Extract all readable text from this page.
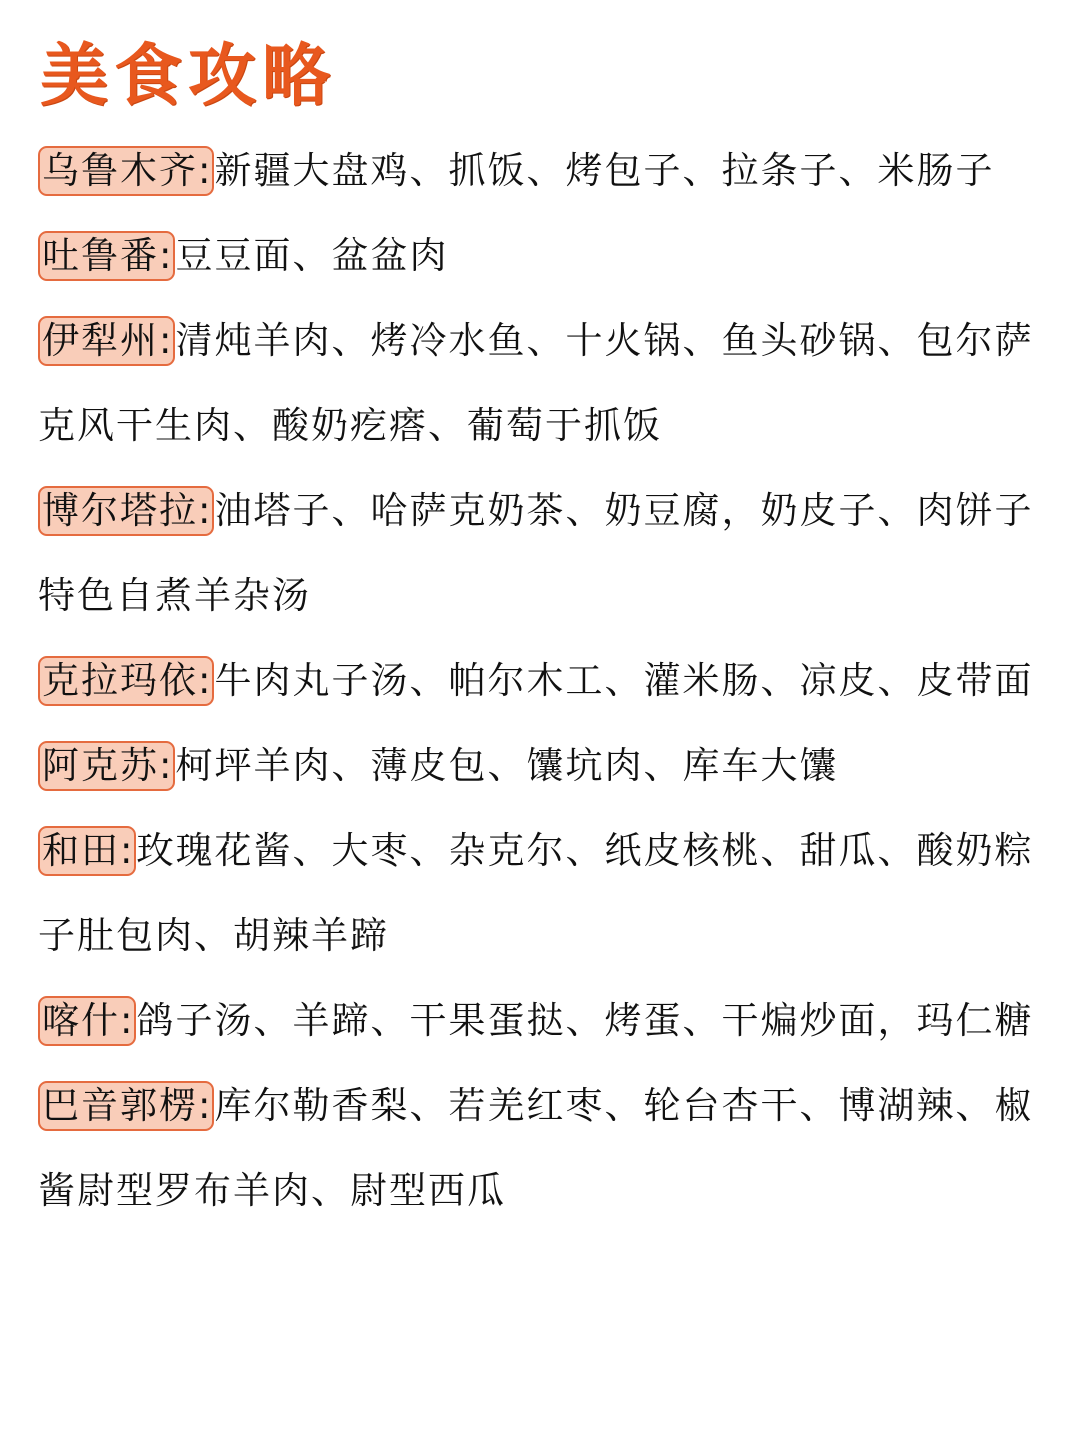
美食攻略
乌鲁木齐: 新疆大盘鸡、抓饭、烤包子、拉条子、米肠子
吐鲁番: 豆豆面、盆盆肉
伊犁州: 清炖羊肉、烤冷水鱼、十火锅、鱼头砂锅、包尔萨克风干生肉、酸奶疙瘩、葡萄于抓饭
博尔塔拉: 油塔子、哈萨克奶茶、奶豆腐，奶皮子、肉饼子特色自煮羊杂汤
克拉玛依: 牛肉丸子汤、帕尔木工、灌米肠、凉皮、皮带面
阿克苏: 柯坪羊肉、薄皮包、馕坑肉、库车大馕
和田: 玫瑰花酱、大枣、杂克尔、纸皮核桃、甜瓜、酸奶粽子肚包肉、胡辣羊蹄
喀什: 鸽子汤、羊蹄、干果蛋挞、烤蛋、干煸炒面，玛仁糖
巴音郭楞: 库尔勒香梨、若羌红枣、轮台杏干、博湖辣、椒酱尉型罗布羊肉、尉型西瓜
